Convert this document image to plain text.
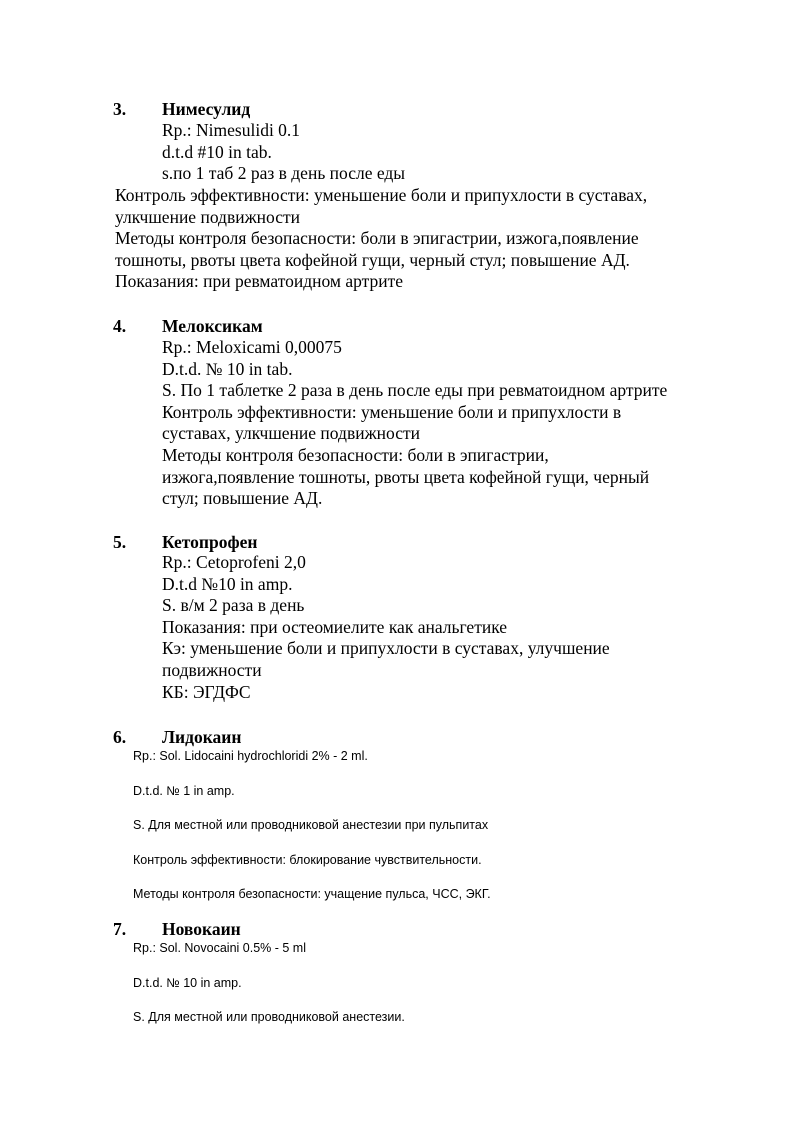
3. Нимесулид
Rp.: Nimesulidi 0.1
d.t.d #10 in tab.
s.по 1 таб 2 раз в день после еды
Контроль эффективности: уменьшение боли и припухлости в суставах,
улкчшение подвижности
Методы контроля безопасности: боли в эпигастрии, изжога,появление
тошноты, рвоты цвета кофейной гущи, черный стул; повышение АД.
Показания: при ревматоидном артрите
4. Мелоксикам
Rp.: Meloxicami 0,00075
D.t.d. № 10 in tab.
S. По 1 таблетке 2 раза в день после еды при ревматоидном артрите
Контроль эффективности: уменьшение боли и припухлости в
суставах, улкчшение подвижности
Методы контроля безопасности: боли в эпигастрии,
изжога,появление тошноты, рвоты цвета кофейной гущи, черный
стул; повышение АД.
5. Кетопрофен
Rp.: Cetoprofeni 2,0
D.t.d №10 in amp.
S. в/м 2 раза в день
Показания: при остеомиелите как анальгетике
Кэ: уменьшение боли и припухлости в суставах, улучшение
подвижности
КБ: ЭГДФС
6. Лидокаин
Rp.: Sol. Lidocaini hydrochloridi 2% - 2 ml.
D.t.d. № 1 in amp.
S. Для местной или проводниковой анестезии при пульпитах
Контроль эффективности: блокирование чувствительности.
Методы контроля безопасности: учащение пульса, ЧСС, ЭКГ.
7. Новокаин
Rp.: Sol. Novocaini 0.5% - 5 ml
D.t.d. № 10 in amp.
S. Для местной или проводниковой анестезии.
